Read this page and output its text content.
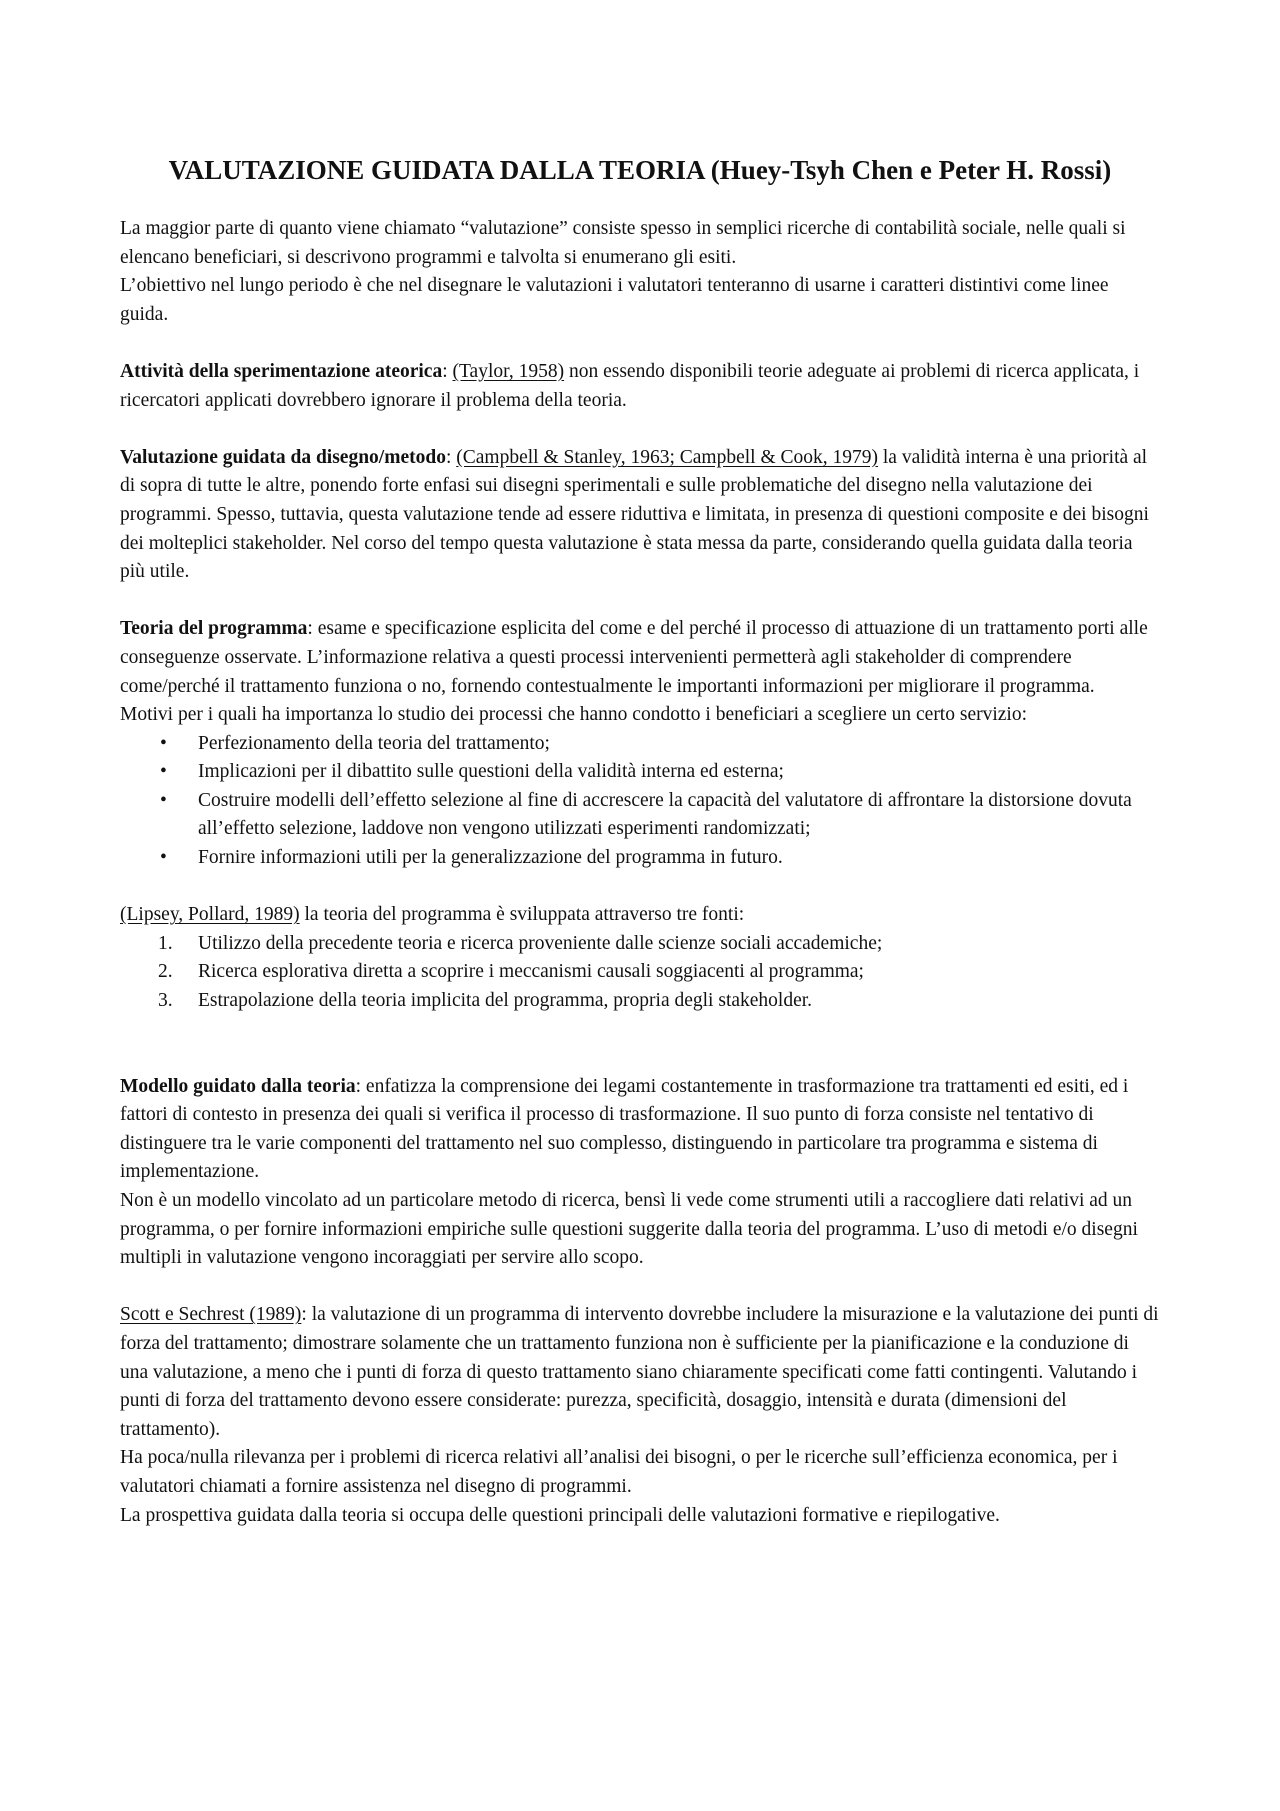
VALUTAZIONE GUIDATA DALLA TEORIA (Huey-Tsyh Chen e Peter H. Rossi)

La maggior parte di quanto viene chiamato “valutazione” consiste spesso in semplici ricerche di contabilità sociale, nelle quali si elencano beneficiari, si descrivono programmi e talvolta si enumerano gli esiti.

L’obiettivo nel lungo periodo è che nel disegnare le valutazioni i valutatori tenteranno di usarne i caratteri distintivi come linee guida.

Attività della sperimentazione ateorica: (Taylor, 1958) non essendo disponibili teorie adeguate ai problemi di ricerca applicata, i ricercatori applicati dovrebbero ignorare il problema della teoria.

Valutazione guidata da disegno/metodo: (Campbell & Stanley, 1963; Campbell & Cook, 1979) la validità interna è una priorità al di sopra di tutte le altre, ponendo forte enfasi sui disegni sperimentali e sulle problematiche del disegno nella valutazione dei programmi. Spesso, tuttavia, questa valutazione tende ad essere riduttiva e limitata, in presenza di questioni composite e dei bisogni dei molteplici stakeholder. Nel corso del tempo questa valutazione è stata messa da parte, considerando quella guidata dalla teoria più utile.

Teoria del programma: esame e specificazione esplicita del come e del perché il processo di attuazione di un trattamento porti alle conseguenze osservate. L’informazione relativa a questi processi intervenienti permetterà agli stakeholder di comprendere come/perché il trattamento funziona o no, fornendo contestualmente le importanti informazioni per migliorare il programma.

Motivi per i quali ha importanza lo studio dei processi che hanno condotto i beneficiari a scegliere un certo servizio:

• Perfezionamento della teoria del trattamento;
• Implicazioni per il dibattito sulle questioni della validità interna ed esterna;
• Costruire modelli dell’effetto selezione al fine di accrescere la capacità del valutatore di affrontare la distorsione dovuta all’effetto selezione, laddove non vengono utilizzati esperimenti randomizzati;
• Fornire informazioni utili per la generalizzazione del programma in futuro.

(Lipsey, Pollard, 1989) la teoria del programma è sviluppata attraverso tre fonti:

1. Utilizzo della precedente teoria e ricerca proveniente dalle scienze sociali accademiche;
2. Ricerca esplorativa diretta a scoprire i meccanismi causali soggiacenti al programma;
3. Estrapolazione della teoria implicita del programma, propria degli stakeholder.

Modello guidato dalla teoria: enfatizza la comprensione dei legami costantemente in trasformazione tra trattamenti ed esiti, ed i fattori di contesto in presenza dei quali si verifica il processo di trasformazione. Il suo punto di forza consiste nel tentativo di distinguere tra le varie componenti del trattamento nel suo complesso, distinguendo in particolare tra programma e sistema di implementazione.

Non è un modello vincolato ad un particolare metodo di ricerca, bensì li vede come strumenti utili a raccogliere dati relativi ad un programma, o per fornire informazioni empiriche sulle questioni suggerite dalla teoria del programma. L’uso di metodi e/o disegni multipli in valutazione vengono incoraggiati per servire allo scopo.

Scott e Sechrest (1989): la valutazione di un programma di intervento dovrebbe includere la misurazione e la valutazione dei punti di forza del trattamento; dimostrare solamente che un trattamento funziona non è sufficiente per la pianificazione e la conduzione di una valutazione, a meno che i punti di forza di questo trattamento siano chiaramente specificati come fatti contingenti. Valutando i punti di forza del trattamento devono essere considerate: purezza, specificità, dosaggio, intensità e durata (dimensioni del trattamento).

Ha poca/nulla rilevanza per i problemi di ricerca relativi all’analisi dei bisogni, o per le ricerche sull’efficienza economica, per i valutatori chiamati a fornire assistenza nel disegno di programmi.

La prospettiva guidata dalla teoria si occupa delle questioni principali delle valutazioni formative e riepilogative.
